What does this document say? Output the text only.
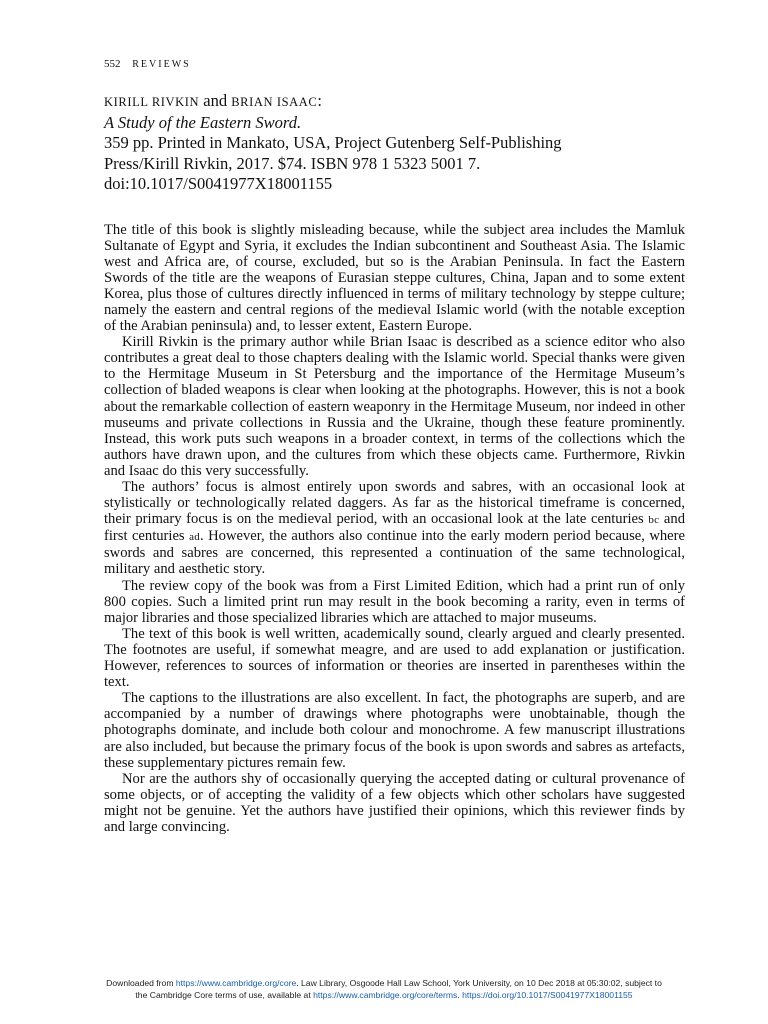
552 REVIEWS
KIRILL RIVKIN and BRIAN ISAAC:
A Study of the Eastern Sword.
359 pp. Printed in Mankato, USA, Project Gutenberg Self-Publishing
Press/Kirill Rivkin, 2017. $74. ISBN 978 1 5323 5001 7.
doi:10.1017/S0041977X18001155

The title of this book is slightly misleading because, while the subject area includes the Mamluk Sultanate of Egypt and Syria, it excludes the Indian subcontinent and Southeast Asia. The Islamic west and Africa are, of course, excluded, but so is the Arabian Peninsula. In fact the Eastern Swords of the title are the weapons of Eurasian steppe cultures, China, Japan and to some extent Korea, plus those of cultures directly influenced in terms of military technology by steppe culture; namely the eastern and central regions of the medieval Islamic world (with the notable exception of the Arabian peninsula) and, to lesser extent, Eastern Europe.

Kirill Rivkin is the primary author while Brian Isaac is described as a science editor who also contributes a great deal to those chapters dealing with the Islamic world. Special thanks were given to the Hermitage Museum in St Petersburg and the importance of the Hermitage Museum’s collection of bladed weapons is clear when looking at the photographs. However, this is not a book about the remarkable collection of eastern weaponry in the Hermitage Museum, nor indeed in other museums and private collections in Russia and the Ukraine, though these feature prominently. Instead, this work puts such weapons in a broader context, in terms of the collections which the authors have drawn upon, and the cultures from which these objects came. Furthermore, Rivkin and Isaac do this very successfully.

The authors’ focus is almost entirely upon swords and sabres, with an occasional look at stylistically or technologically related daggers. As far as the historical timeframe is concerned, their primary focus is on the medieval period, with an occasional look at the late centuries bc and first centuries ad. However, the authors also continue into the early modern period because, where swords and sabres are concerned, this represented a continuation of the same technological, military and aesthetic story.

The review copy of the book was from a First Limited Edition, which had a print run of only 800 copies. Such a limited print run may result in the book becoming a rarity, even in terms of major libraries and those specialized libraries which are attached to major museums.

The text of this book is well written, academically sound, clearly argued and clearly presented. The footnotes are useful, if somewhat meagre, and are used to add explanation or justification. However, references to sources of information or theories are inserted in parentheses within the text.

The captions to the illustrations are also excellent. In fact, the photographs are superb, and are accompanied by a number of drawings where photographs were unobtainable, though the photographs dominate, and include both colour and monochrome. A few manuscript illustrations are also included, but because the primary focus of the book is upon swords and sabres as artefacts, these supplementary pictures remain few.

Nor are the authors shy of occasionally querying the accepted dating or cultural provenance of some objects, or of accepting the validity of a few objects which other scholars have suggested might not be genuine. Yet the authors have justified their opinions, which this reviewer finds by and large convincing.

Downloaded from https://www.cambridge.org/core. Law Library, Osgoode Hall Law School, York University, on 10 Dec 2018 at 05:30:02, subject to
the Cambridge Core terms of use, available at https://www.cambridge.org/core/terms. https://doi.org/10.1017/S0041977X18001155
